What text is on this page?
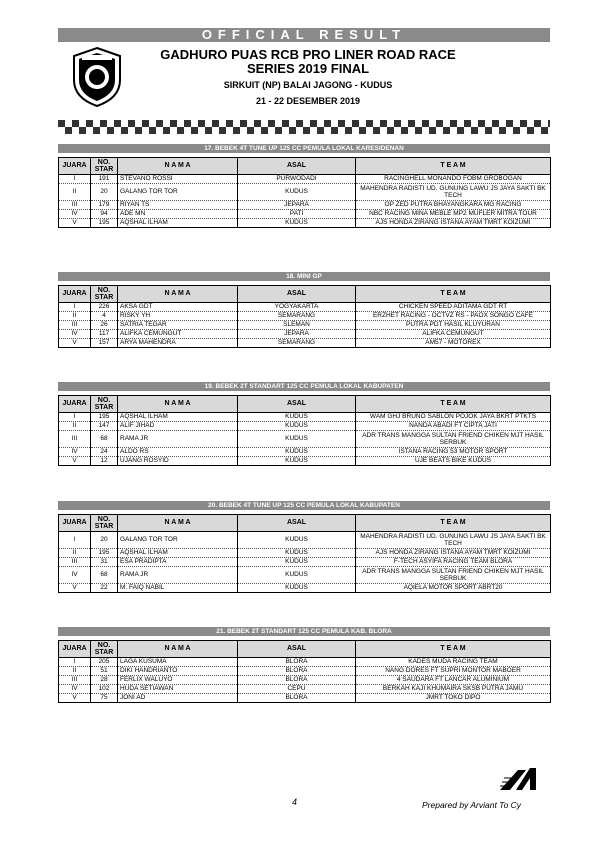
OFFICIAL RESULT
GADHURO PUAS RCB PRO LINER ROAD RACE
SERIES 2019 FINAL
SIRKUIT (NP) BALAI JAGONG - KUDUS
21 - 22 DESEMBER 2019
17. BEBEK 4T TUNE UP 125 CC PEMULA LOKAL KARESIDENAN
JUARA	NO. STAR	N A M A	ASAL	T E A M
I	191	STEVANO ROSSI	PURWODADI	RACINGHELL MONANDO FOBM GROBOGAN
II	20	GALANG TOR TOR	KUDUS	MAHENDRA RADISTI UD. GUNUNG LAWU JS JAYA SAKTI BK TECH
III	179	RIYAN TS	JEPARA	OP ZED PUTRA BHAYANGKARA MG RACING
IV	94	ADE MN	PATI	NBC RACING MINA MEBLE MP2 MUFLER MITRA TOUR
V	195	AQSHAL ILHAM	KUDUS	AJS HONDA ZIRANG ISTANA AYAM TMRT KOIZUMI
18. MINI GP
JUARA	NO. STAR	N A M A	ASAL	T E A M
I	226	AKSA GDT	YOGYAKARTA	CHICKEN SPEED ADITAMA GDT RT
II	4	RISKY YH	SEMARANG	ERZHET RACING - OCTVZ RS - PAOX SONGO CAFÈ
III	26	SATRIA TEGAR	SLEMAN	PUTRA PDT HASIL KLUYURAN
IV	117	ALIFKA CEMUNGUT	JEPARA	ALIFKA CEMUNGUT
V	157	ARYA MAHENDRA	SEMARANG	AM57 - MOTOREX
19. BEBEK 2T STANDART 125 CC PEMULA LOKAL KABUPATEN
JUARA	NO. STAR	N A M A	ASAL	T E A M
I	195	AQSHAL ILHAM	KUDUS	WAM GHJ BRUNO SABLON POJOK JAYA BKRT PTKTS
II	147	ALIF JIHAD	KUDUS	NANDA ABADI FT CIPTA JATI
III	68	RAMA JR	KUDUS	ADR TRANS MANGGA SULTAN FRIEND CHIKEN MJT HASIL SERBUK
IV	24	ALDO RS	KUDUS	ISTANA RACING 53 MOTOR SPORT
V	12	UJANG ROSYID	KUDUS	UJE BEATS BIKE KUDUS
20. BEBEK 4T TUNE UP 125 CC PEMULA LOKAL KABUPATEN
JUARA	NO. STAR	N A M A	ASAL	T E A M
I	20	GALANG TOR TOR	KUDUS	MAHENDRA RADISTI UD. GUNUNG LAWU JS JAYA SAKTI BK TECH
II	195	AQSHAL ILHAM	KUDUS	AJS HONDA ZIRANG ISTANA AYAM TMRT KOIZUMI
III	31	ESA PRADIPTA	KUDUS	F-TECH ASYIFA RACING TEAM BLORA
IV	68	RAMA JR	KUDUS	ADR TRANS MANGGA SULTAN FRIEND CHIKEN MJT HASIL SERBUK
V	22	M. FAIQ NABIL	KUDUS	AQIELA MOTOR SPORT ABRT20
21. BEBEK 2T STANDART 125 CC PEMULA KAB. BLORA
JUARA	NO. STAR	N A M A	ASAL	T E A M
I	205	LAGA KUSUMA	BLORA	KADES MUDA RACING TEAM
II	51	DIKI HANDRIANTO	BLORA	NANG DORES FT SUPRI MONTOR MABOER
III	28	FERLIX WALUYO	BLORA	4 SAUDARA FT LANCAR ALUMINIUM
IV	102	HUDA SETIAWAN	CEPU	BERKAH KAJI KHUMAIRA SKSB PUTRA JAMU
V	75	JONI AD	BLORA	JMRT TOKO DIPO
4	Prepared by Arviant To Cy
